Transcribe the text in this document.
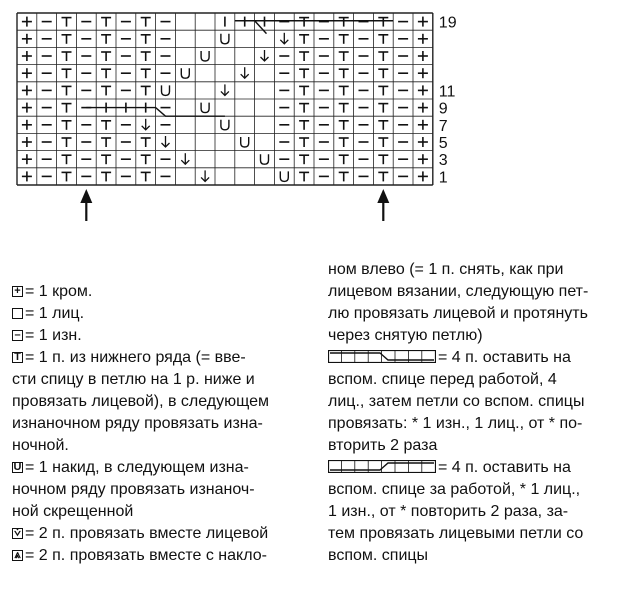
19
11
9
7
5
3
1
+ = 1 кром.
= 1 лиц.
– = 1 изн.
T = 1 п. из нижнего ряда (= вве-
сти спицу в петлю на 1 р. ниже и
провязать лицевой), в следующем
изнаночном ряду провязать изна-
ночной.
U = 1 накид, в следующем изна-
ночном ряду провязать изнаноч-
ной скрещенной
⩒ = 2 п. провязать вместе лицевой
⩓ = 2 п. провязать вместе с накло-
ном влево (= 1 п. снять, как при
лицевом вязании, следующую пет-
лю провязать лицевой и протянуть
через снятую петлю)
= 4 п. оставить на
вспом. спице перед работой, 4
лиц., затем петли со вспом. спицы
провязать: * 1 изн., 1 лиц., от * по-
вторить 2 раза
= 4 п. оставить на
вспом. спице за работой, * 1 лиц.,
1 изн., от * повторить 2 раза, за-
тем провязать лицевыми петли со
вспом. спицы
